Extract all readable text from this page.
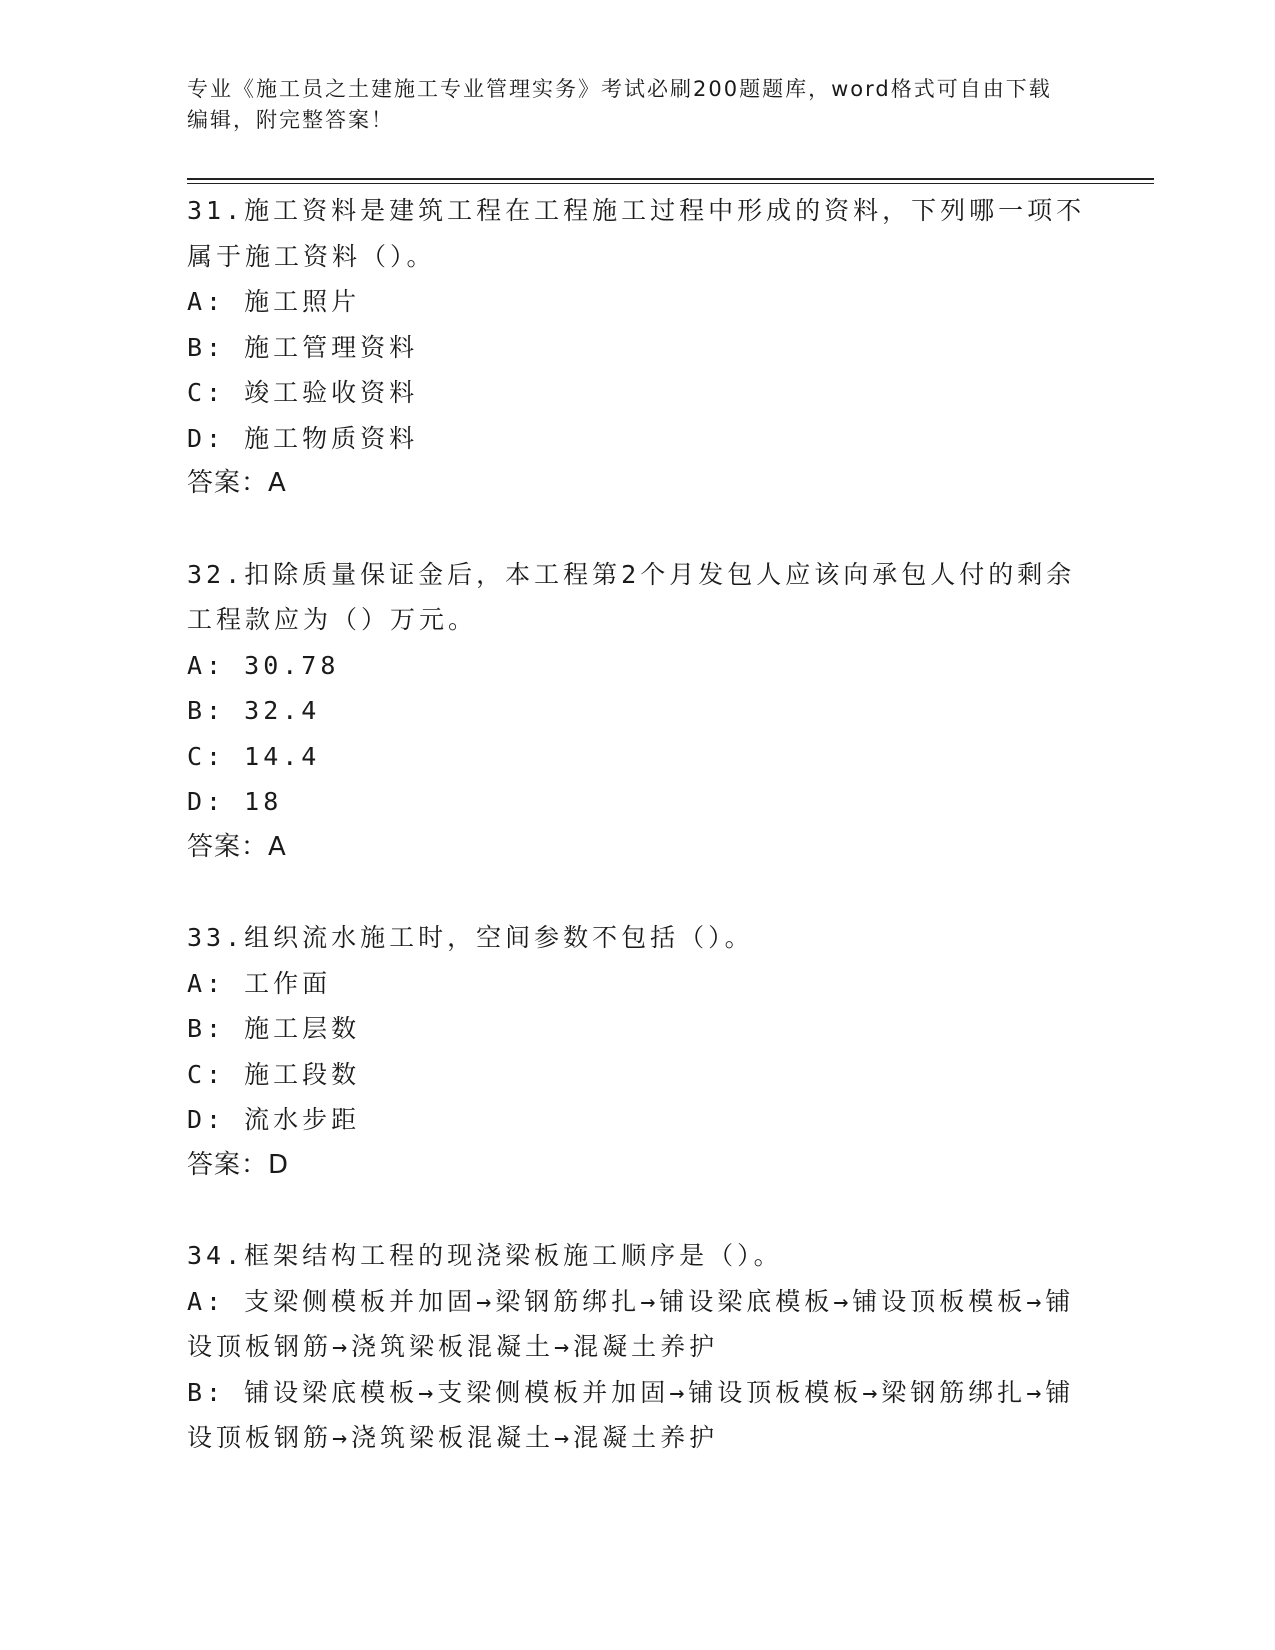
专业《施工员之土建施工专业管理实务》考试必刷200题题库，word格式可自由下载编辑，附完整答案！
31.施工资料是建筑工程在工程施工过程中形成的资料，下列哪一项不属于施工资料（）。
A: 施工照片
B: 施工管理资料
C: 竣工验收资料
D: 施工物质资料
答案：A
32.扣除质量保证金后，本工程第2个月发包人应该向承包人付的剩余工程款应为（）万元。
A: 30.78
B: 32.4
C: 14.4
D: 18
答案：A
33.组织流水施工时，空间参数不包括（）。
A: 工作面
B: 施工层数
C: 施工段数
D: 流水步距
答案：D
34.框架结构工程的现浇梁板施工顺序是（）。
A: 支梁侧模板并加固→梁钢筋绑扎→铺设梁底模板→铺设顶板模板→铺设顶板钢筋→浇筑梁板混凝土→混凝土养护
B: 铺设梁底模板→支梁侧模板并加固→铺设顶板模板→梁钢筋绑扎→铺设顶板钢筋→浇筑梁板混凝土→混凝土养护
